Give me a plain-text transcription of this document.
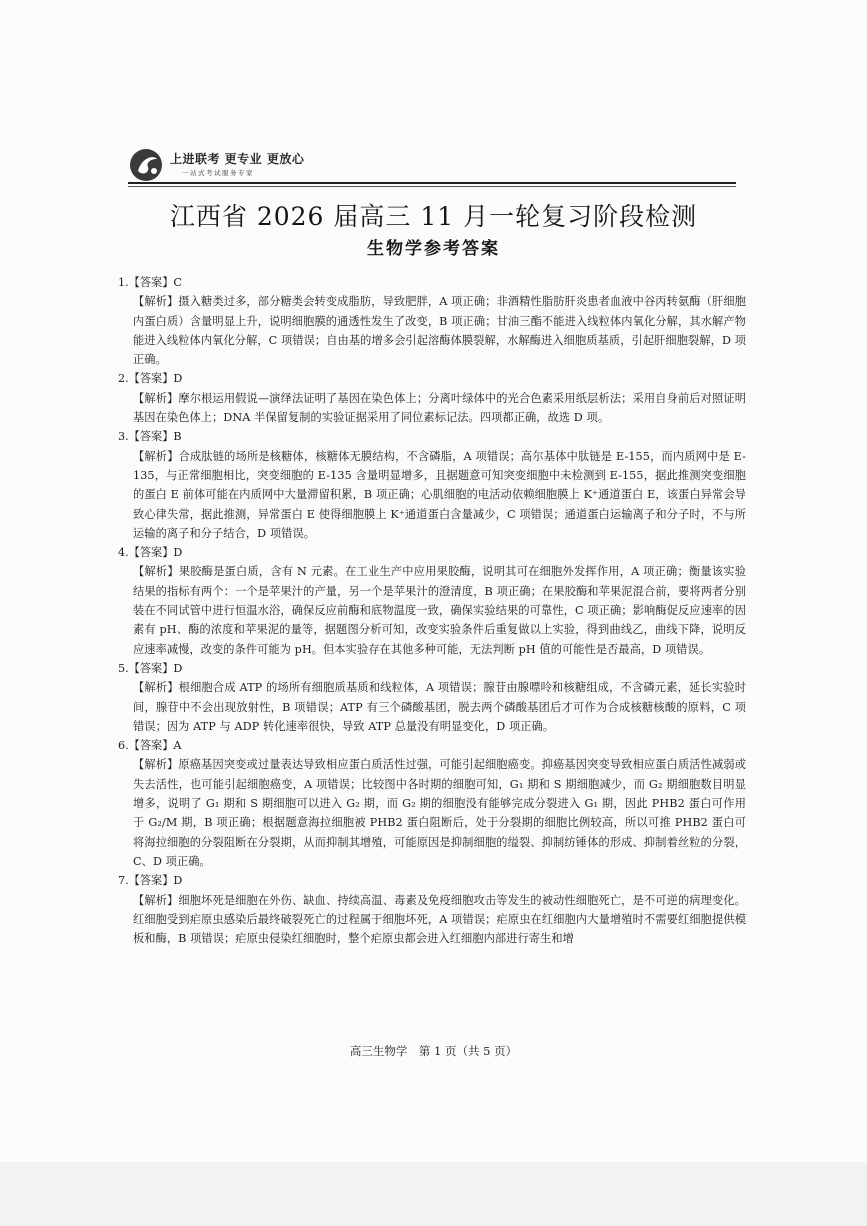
上进联考 更专业 更放心
一站式考试服务专家
江西省 2026 届高三 11 月一轮复习阶段检测
生物学参考答案

1.【答案】C

【解析】摄入糖类过多，部分糖类会转变成脂肪，导致肥胖，A 项正确；非酒精性脂肪肝炎患者血液中谷丙转氨酶（肝细胞内蛋白质）含量明显上升，说明细胞膜的通透性发生了改变，B 项正确；甘油三酯不能进入线粒体内氧化分解，其水解产物能进入线粒体内氧化分解，C 项错误；自由基的增多会引起溶酶体膜裂解，水解酶进入细胞质基质，引起肝细胞裂解，D 项正确。

2.【答案】D

【解析】摩尔根运用假说—演绎法证明了基因在染色体上；分离叶绿体中的光合色素采用纸层析法；采用自身前后对照证明基因在染色体上；DNA 半保留复制的实验证据采用了同位素标记法。四项都正确，故选 D 项。

3.【答案】B

【解析】合成肽链的场所是核糖体，核糖体无膜结构，不含磷脂，A 项错误；高尔基体中肽链是 E-155，而内质网中是 E-135，与正常细胞相比，突变细胞的 E-135 含量明显增多，且据题意可知突变细胞中未检测到 E-155，据此推测突变细胞的蛋白 E 前体可能在内质网中大量滞留积累，B 项正确；心肌细胞的电活动依赖细胞膜上 K⁺通道蛋白 E，该蛋白异常会导致心律失常，据此推测，异常蛋白 E 使得细胞膜上 K⁺通道蛋白含量减少，C 项错误；通道蛋白运输离子和分子时，不与所运输的离子和分子结合，D 项错误。

4.【答案】D

【解析】果胶酶是蛋白质，含有 N 元素。在工业生产中应用果胶酶，说明其可在细胞外发挥作用，A 项正确；衡量该实验结果的指标有两个：一个是苹果汁的产量，另一个是苹果汁的澄清度，B 项正确；在果胶酶和苹果泥混合前，要将两者分别装在不同试管中进行恒温水浴，确保反应前酶和底物温度一致，确保实验结果的可靠性，C 项正确；影响酶促反应速率的因素有 pH、酶的浓度和苹果泥的量等，据题图分析可知，改变实验条件后重复做以上实验，得到曲线乙，曲线下降，说明反应速率减慢，改变的条件可能为 pH。但本实验存在其他多种可能，无法判断 pH 值的可能性是否最高，D 项错误。

5.【答案】D

【解析】根细胞合成 ATP 的场所有细胞质基质和线粒体，A 项错误；腺苷由腺嘌呤和核糖组成，不含磷元素，延长实验时间，腺苷中不会出现放射性，B 项错误；ATP 有三个磷酸基团，脱去两个磷酸基团后才可作为合成核糖核酸的原料，C 项错误；因为 ATP 与 ADP 转化速率很快，导致 ATP 总量没有明显变化，D 项正确。

6.【答案】A

【解析】原癌基因突变或过量表达导致相应蛋白质活性过强，可能引起细胞癌变。抑癌基因突变导致相应蛋白质活性减弱或失去活性，也可能引起细胞癌变，A 项错误；比较图中各时期的细胞可知，G₁ 期和 S 期细胞减少，而 G₂ 期细胞数目明显增多，说明了 G₁ 期和 S 期细胞可以进入 G₂ 期，而 G₂ 期的细胞没有能够完成分裂进入 G₁ 期，因此 PHB2 蛋白可作用于 G₂/M 期，B 项正确；根据题意海拉细胞被 PHB2 蛋白阻断后，处于分裂期的细胞比例较高，所以可推 PHB2 蛋白可将海拉细胞的分裂阻断在分裂期，从而抑制其增殖，可能原因是抑制细胞的缢裂、抑制纺锤体的形成、抑制着丝粒的分裂，C、D 项正确。

7.【答案】D

【解析】细胞坏死是细胞在外伤、缺血、持续高温、毒素及免疫细胞攻击等发生的被动性细胞死亡，是不可逆的病理变化。红细胞受到疟原虫感染后最终破裂死亡的过程属于细胞坏死，A 项错误；疟原虫在红细胞内大量增殖时不需要红细胞提供模板和酶，B 项错误；疟原虫侵染红细胞时，整个疟原虫都会进入红细胞内部进行寄生和增

高三生物学　第 1 页（共 5 页）
